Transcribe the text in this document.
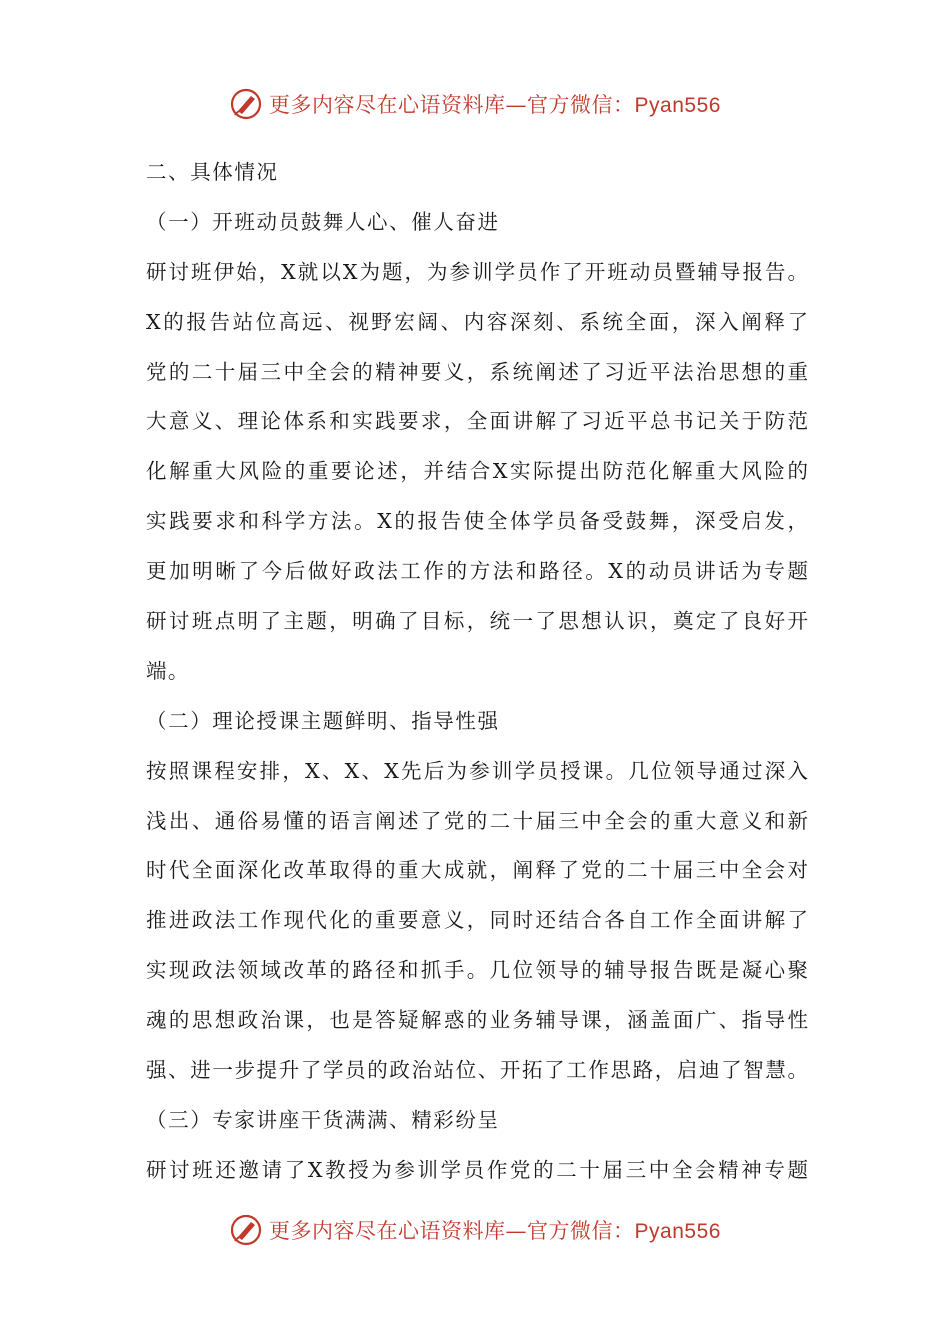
更多内容尽在心语资料库—官方微信：Pyan556
二、具体情况
（一）开班动员鼓舞人心、催人奋进
研讨班伊始，X就以X为题，为参训学员作了开班动员暨辅导报告。
X的报告站位高远、视野宏阔、内容深刻、系统全面，深入阐释了
党的二十届三中全会的精神要义，系统阐述了习近平法治思想的重
大意义、理论体系和实践要求，全面讲解了习近平总书记关于防范
化解重大风险的重要论述，并结合X实际提出防范化解重大风险的
实践要求和科学方法。X的报告使全体学员备受鼓舞，深受启发，
更加明晰了今后做好政法工作的方法和路径。X的动员讲话为专题
研讨班点明了主题，明确了目标，统一了思想认识，奠定了良好开
端。
（二）理论授课主题鲜明、指导性强
按照课程安排，X、X、X先后为参训学员授课。几位领导通过深入
浅出、通俗易懂的语言阐述了党的二十届三中全会的重大意义和新
时代全面深化改革取得的重大成就，阐释了党的二十届三中全会对
推进政法工作现代化的重要意义，同时还结合各自工作全面讲解了
实现政法领域改革的路径和抓手。几位领导的辅导报告既是凝心聚
魂的思想政治课，也是答疑解惑的业务辅导课，涵盖面广、指导性
强、进一步提升了学员的政治站位、开拓了工作思路，启迪了智慧。
（三）专家讲座干货满满、精彩纷呈
研讨班还邀请了X教授为参训学员作党的二十届三中全会精神专题
更多内容尽在心语资料库—官方微信：Pyan556
